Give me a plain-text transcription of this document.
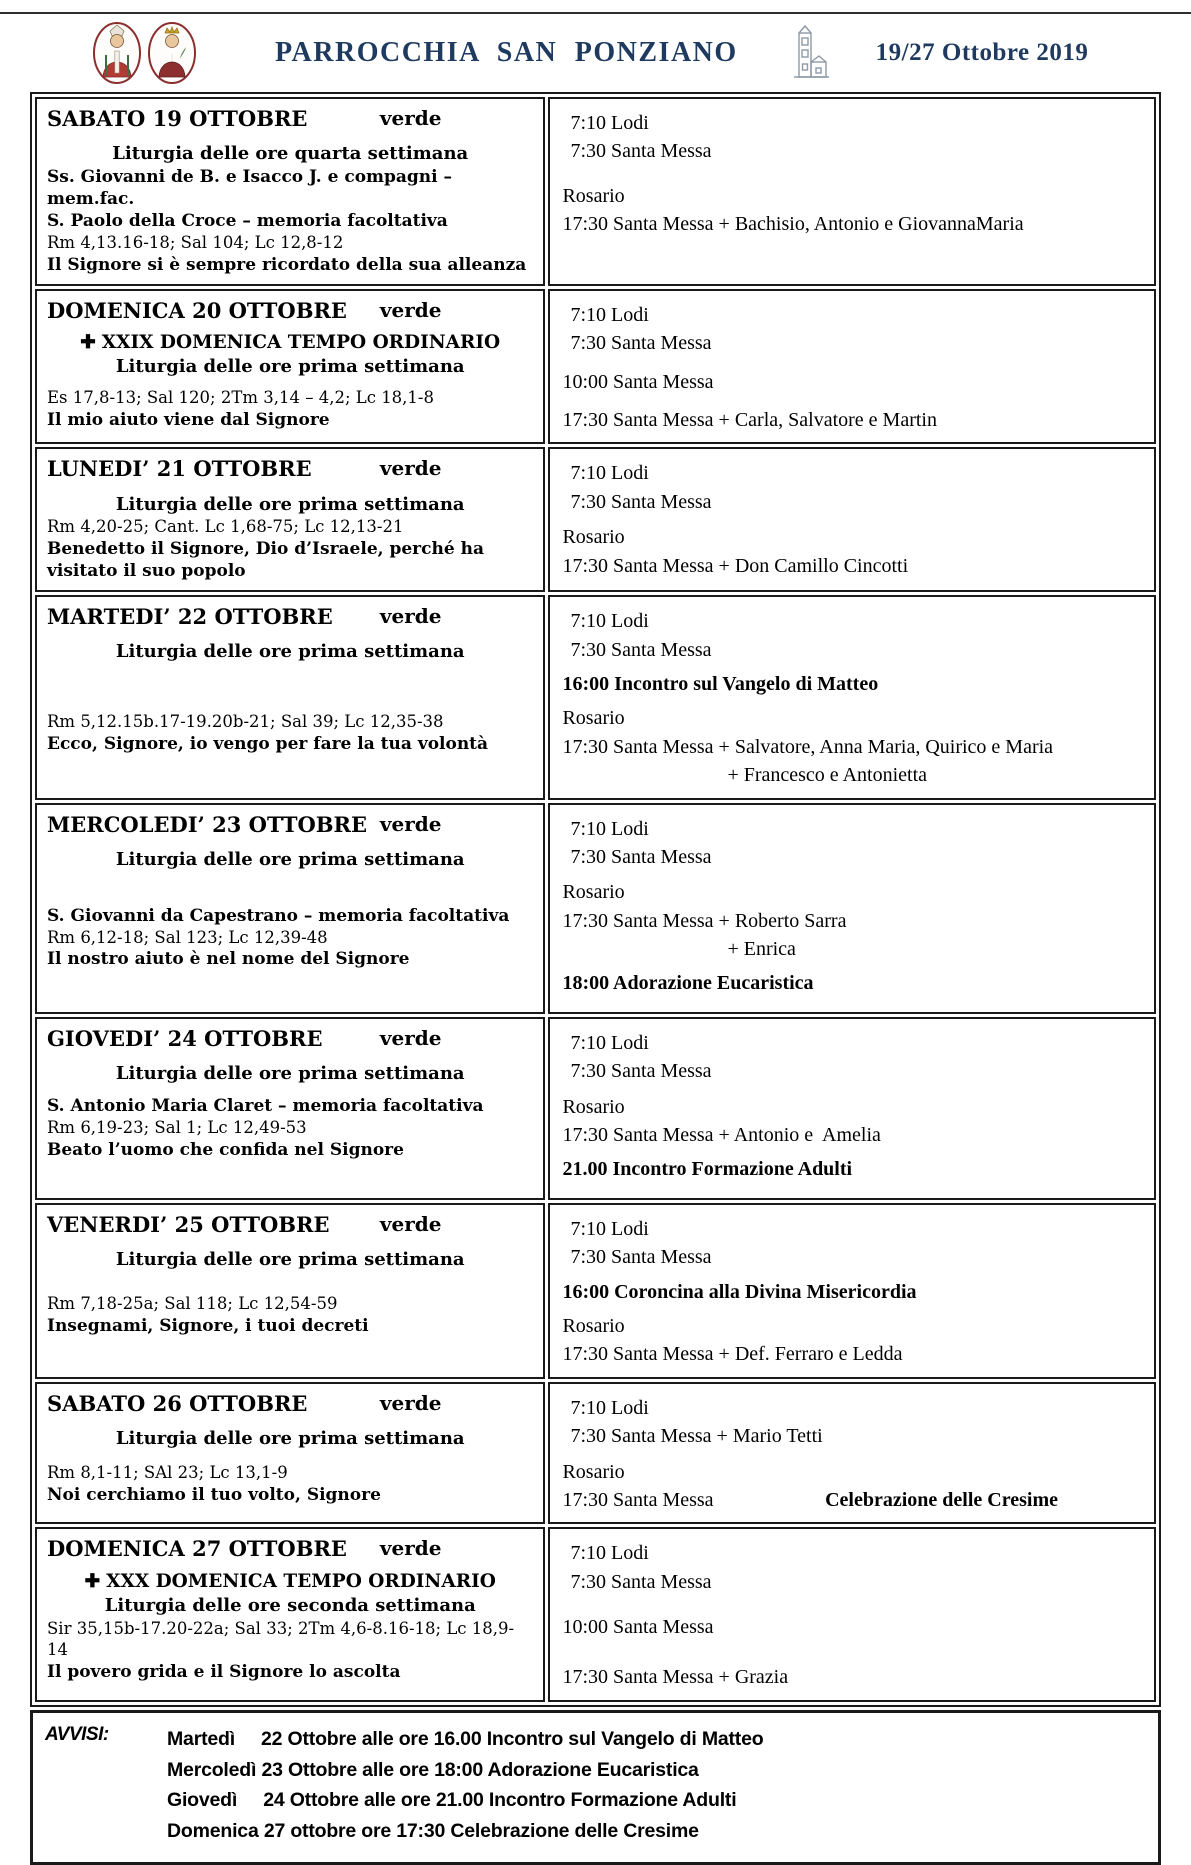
PARROCCHIA SAN PONZIANO	19/27 Ottobre 2019
SABATO 19 OTTOBRE	verde
Liturgia delle ore quarta settimana
Ss. Giovanni de B. e Isacco J. e compagni – mem.fac.
S. Paolo della Croce – memoria facoltativa
Rm 4,13.16-18; Sal 104; Lc 12,8-12
Il Signore si è sempre ricordato della sua alleanza

7:10 Lodi
7:30 Santa Messa
Rosario
17:30 Santa Messa + Bachisio, Antonio e GiovannaMaria

DOMENICA 20 OTTOBRE verde
✚ XXIX DOMENICA TEMPO ORDINARIO
Liturgia delle ore prima settimana
Es 17,8-13; Sal 120; 2Tm 3,14 – 4,2; Lc 18,1-8
Il mio aiuto viene dal Signore

7:10 Lodi
7:30 Santa Messa
10:00 Santa Messa
17:30 Santa Messa + Carla, Salvatore e Martin

LUNEDI’ 21 OTTOBRE	verde
Liturgia delle ore prima settimana
Rm 4,20-25; Cant. Lc 1,68-75; Lc 12,13-21
Benedetto il Signore, Dio d’Israele, perché ha visitato il suo popolo

7:10 Lodi
7:30 Santa Messa
Rosario
17:30 Santa Messa + Don Camillo Cincotti

MARTEDI’ 22 OTTOBRE verde
Liturgia delle ore prima settimana
Rm 5,12.15b.17-19.20b-21; Sal 39; Lc 12,35-38
Ecco, Signore, io vengo per fare la tua volontà

7:10 Lodi
7:30 Santa Messa
16:00 Incontro sul Vangelo di Matteo
Rosario
17:30 Santa Messa + Salvatore, Anna Maria, Quirico e Maria
+ Francesco e Antonietta

MERCOLEDI’ 23 OTTOBRE verde
Liturgia delle ore prima settimana
S. Giovanni da Capestrano – memoria facoltativa
Rm 6,12-18; Sal 123; Lc 12,39-48
Il nostro aiuto è nel nome del Signore

7:10 Lodi
7:30 Santa Messa
Rosario
17:30 Santa Messa + Roberto Sarra
+ Enrica
18:00 Adorazione Eucaristica

GIOVEDI’ 24 OTTOBRE	verde
Liturgia delle ore prima settimana
S. Antonio Maria Claret – memoria facoltativa
Rm 6,19-23; Sal 1; Lc 12,49-53
Beato l’uomo che confida nel Signore

7:10 Lodi
7:30 Santa Messa
Rosario
17:30 Santa Messa + Antonio e  Amelia
21.00 Incontro Formazione Adulti

VENERDI’ 25 OTTOBRE	verde
Liturgia delle ore prima settimana
Rm 7,18-25a; Sal 118; Lc 12,54-59
Insegnami, Signore, i tuoi decreti

7:10 Lodi
7:30 Santa Messa
16:00 Coroncina alla Divina Misericordia
Rosario
17:30 Santa Messa + Def. Ferraro e Ledda

SABATO 26 OTTOBRE	verde
Liturgia delle ore prima settimana
Rm 8,1-11; SAl 23; Lc 13,1-9
Noi cerchiamo il tuo volto, Signore

7:10 Lodi
7:30 Santa Messa + Mario Tetti
Rosario
17:30 Santa Messa	Celebrazione delle Cresime

DOMENICA 27 OTTOBRE verde
✚ XXX DOMENICA TEMPO ORDINARIO
Liturgia delle ore seconda settimana
Sir 35,15b-17.20-22a; Sal 33; 2Tm 4,6-8.16-18; Lc 18,9-14
Il povero grida e il Signore lo ascolta

7:10 Lodi
7:30 Santa Messa
10:00 Santa Messa
17:30 Santa Messa + Grazia
AVVISI:	Martedì     22 Ottobre alle ore 16.00 Incontro sul Vangelo di Matteo
Mercoledì 23 Ottobre alle ore 18:00 Adorazione Eucaristica
Giovedì     24 Ottobre alle ore 21.00 Incontro Formazione Adulti
Domenica 27 ottobre ore 17:30 Celebrazione delle Cresime
